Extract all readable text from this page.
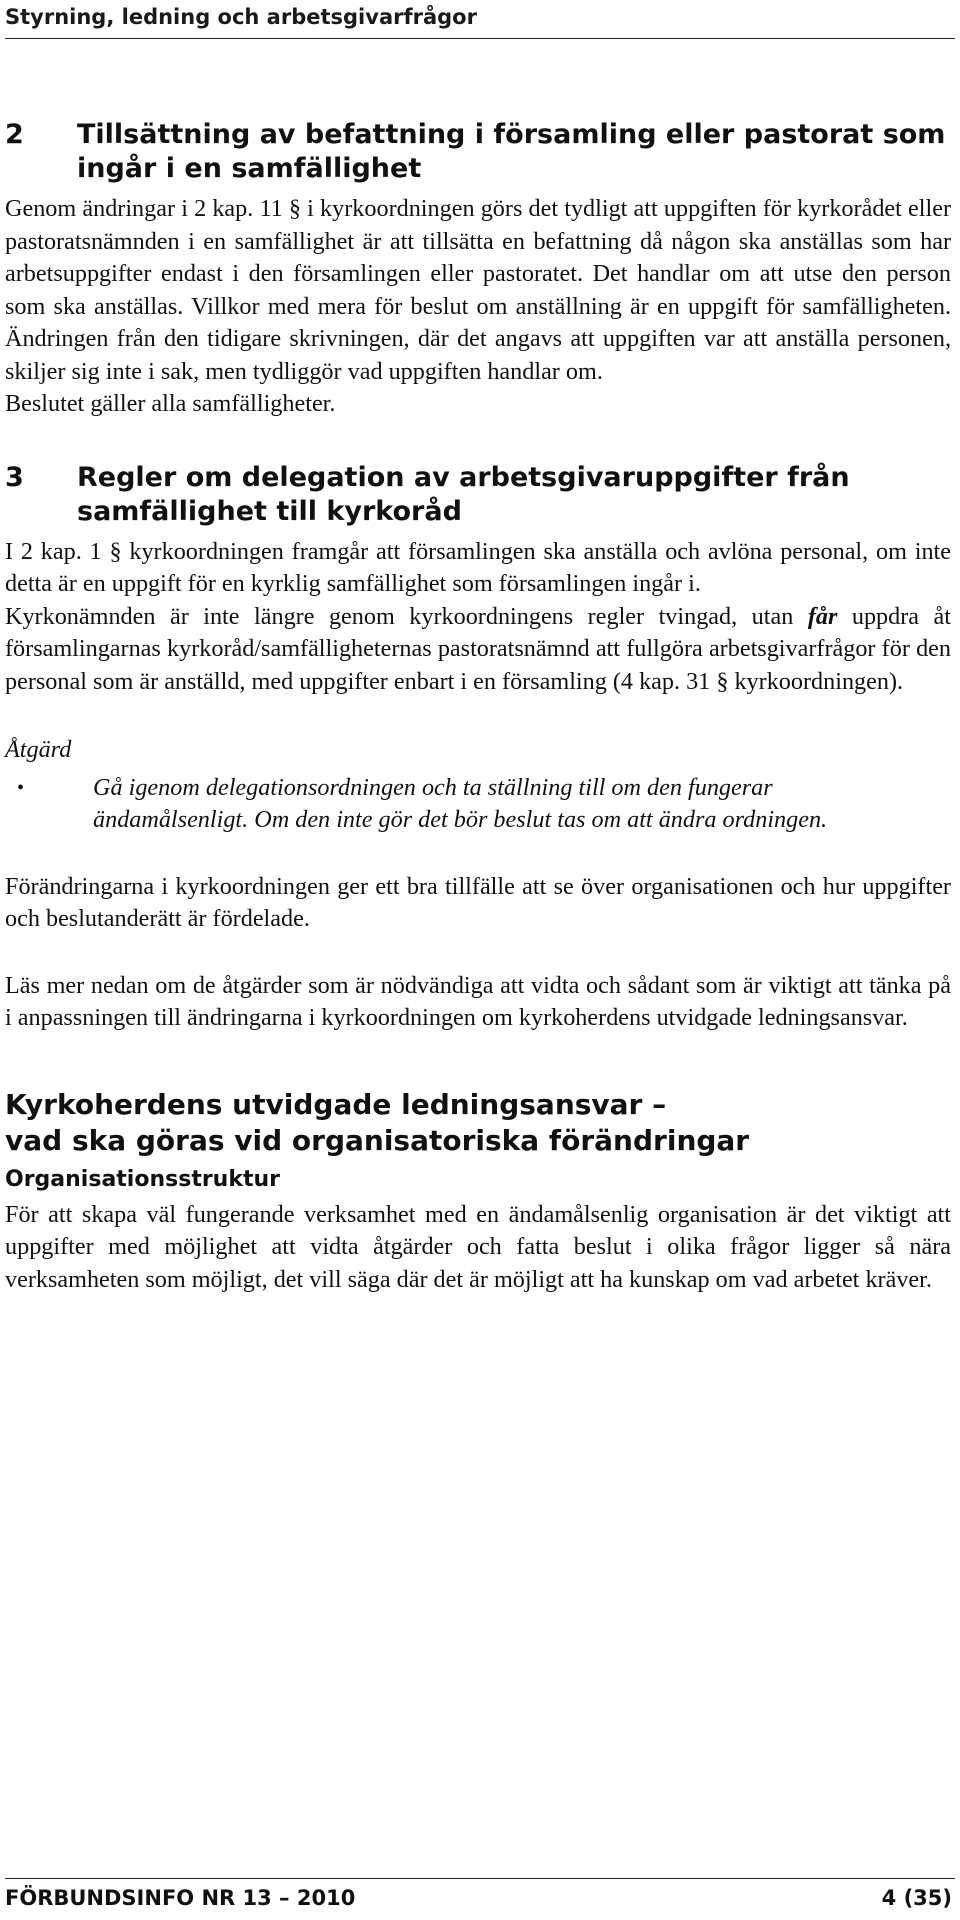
Styrning, ledning och arbetsgivarfrågor
2	Tillsättning av befattning i församling eller pastorat som ingår i en samfällighet

Genom ändringar i 2 kap. 11 § i kyrkoordningen görs det tydligt att uppgiften för kyrkorådet eller pastoratsnämnden i en samfällighet är att tillsätta en befattning då någon ska anställas som har arbetsuppgifter endast i den församlingen eller pastoratet. Det handlar om att utse den person som ska anställas. Villkor med mera för beslut om anställning är en uppgift för samfälligheten. Ändringen från den tidigare skrivningen, där det angavs att uppgiften var att anställa personen, skiljer sig inte i sak, men tydliggör vad uppgiften handlar om.

Beslutet gäller alla samfälligheter.

3	Regler om delegation av arbetsgivaruppgifter från samfällighet till kyrkoråd

I 2 kap. 1 § kyrkoordningen framgår att församlingen ska anställa och avlöna personal, om inte detta är en uppgift för en kyrklig samfällighet som församlingen ingår i.

Kyrkonämnden är inte längre genom kyrkoordningens regler tvingad, utan får uppdra åt församlingarnas kyrkoråd/samfälligheternas pastoratsnämnd att fullgöra arbetsgivarfrågor för den personal som är anställd, med uppgifter enbart i en församling (4 kap. 31 § kyrkoordningen).

Åtgärd
•	Gå igenom delegationsordningen och ta ställning till om den fungerar ändamålsenligt. Om den inte gör det bör beslut tas om att ändra ordningen.

Förändringarna i kyrkoordningen ger ett bra tillfälle att se över organisationen och hur uppgifter och beslutanderätt är fördelade.

Läs mer nedan om de åtgärder som är nödvändiga att vidta och sådant som är viktigt att tänka på i anpassningen till ändringarna i kyrkoordningen om kyrkoherdens utvidgade ledningsansvar.

Kyrkoherdens utvidgade ledningsansvar –
vad ska göras vid organisatoriska förändringar
Organisationsstruktur

För att skapa väl fungerande verksamhet med en ändamålsenlig organisation är det viktigt att uppgifter med möjlighet att vidta åtgärder och fatta beslut i olika frågor ligger så nära verksamheten som möjligt, det vill säga där det är möjligt att ha kunskap om vad arbetet kräver.

FÖRBUNDSINFO NR 13 – 2010	4 (35)
